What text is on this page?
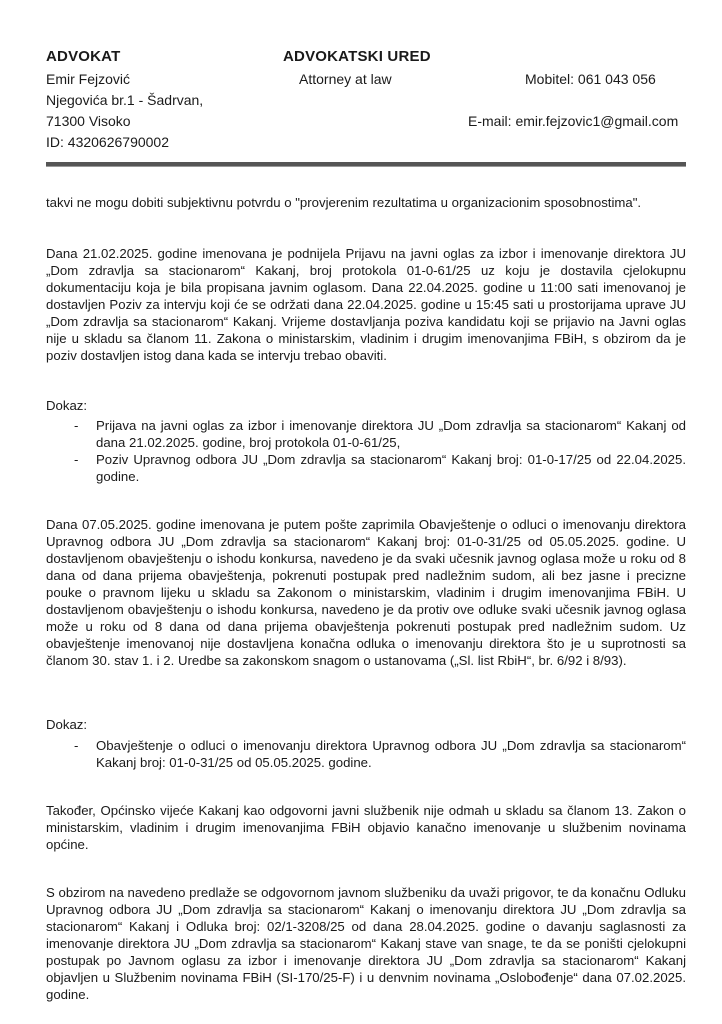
ADVOKAT
Emir Fejzović
Njegovića br.1 - Šadrvan,
71300 Visoko
ID: 4320626790002
ADVOKATSKI URED
Attorney at law	Mobitel: 061 043 056
E-mail: emir.fejzovic1@gmail.com
takvi ne mogu dobiti subjektivnu potvrdu o "provjerenim rezultatima u organizacionim sposobnostima".
Dana 21.02.2025. godine imenovana je podnijela Prijavu na javni oglas za izbor i imenovanje direktora JU „Dom zdravlja sa stacionarom“ Kakanj, broj protokola 01-0-61/25 uz koju je dostavila cjelokupnu dokumentaciju koja je bila propisana javnim oglasom. Dana 22.04.2025. godine u 11:00 sati imenovanoj je dostavljen Poziv za intervju koji će se održati dana 22.04.2025. godine u 15:45 sati u prostorijama uprave JU „Dom zdravlja sa stacionarom“ Kakanj. Vrijeme dostavljanja poziva kandidatu koji se prijavio na Javni oglas nije u skladu sa članom 11. Zakona o ministarskim, vladinim i drugim imenovanjima FBiH, s obzirom da je poziv dostavljen istog dana kada se intervju trebao obaviti.
Dokaz:
- Prijava na javni oglas za izbor i imenovanje direktora JU „Dom zdravlja sa stacionarom“ Kakanj od dana 21.02.2025. godine, broj protokola 01-0-61/25,
- Poziv Upravnog odbora JU „Dom zdravlja sa stacionarom“ Kakanj broj: 01-0-17/25 od 22.04.2025. godine.
Dana 07.05.2025. godine imenovana je putem pošte zaprimila Obavještenje o odluci o imenovanju direktora Upravnog odbora JU „Dom zdravlja sa stacionarom“ Kakanj broj: 01-0-31/25 od 05.05.2025. godine. U dostavljenom obavještenju o ishodu konkursa, navedeno je da svaki učesnik javnog oglasa može u roku od 8 dana od dana prijema obavještenja, pokrenuti postupak pred nadležnim sudom, ali bez jasne i precizne pouke o pravnom lijeku u skladu sa Zakonom o ministarskim, vladinim i drugim imenovanjima FBiH. U dostavljenom obavještenju o ishodu konkursa, navedeno je da protiv ove odluke svaki učesnik javnog oglasa može u roku od 8 dana od dana prijema obavještenja pokrenuti postupak pred nadležnim sudom. Uz obavještenje imenovanoj nije dostavljena konačna odluka o imenovanju direktora što je u suprotnosti sa članom 30. stav 1. i 2. Uredbe sa zakonskom snagom o ustanovama („Sl. list RbiH“, br. 6/92 i 8/93).
Dokaz:
- Obavještenje o odluci o imenovanju direktora Upravnog odbora JU „Dom zdravlja sa stacionarom“ Kakanj broj: 01-0-31/25 od 05.05.2025. godine.
Također, Općinsko vijeće Kakanj kao odgovorni javni službenik nije odmah u skladu sa članom 13. Zakon o ministarskim, vladinim i drugim imenovanjima FBiH objavio kanačno imenovanje u službenim novinama općine.
S obzirom na navedeno predlaže se odgovornom javnom službeniku da uvaži prigovor, te da konačnu Odluku Upravnog odbora JU „Dom zdravlja sa stacionarom“ Kakanj o imenovanju direktora JU „Dom zdravlja sa stacionarom“ Kakanj i Odluka broj: 02/1-3208/25 od dana 28.04.2025. godine o davanju saglasnosti za imenovanje direktora JU „Dom zdravlja sa stacionarom“ Kakanj stave van snage, te da se poništi cjelokupni postupak po Javnom oglasu za izbor i imenovanje direktora JU „Dom zdravlja sa stacionarom“ Kakanj objavljen u Službenim novinama FBiH (SI-170/25-F) i u denvnim novinama „Oslobođenje“ dana 07.02.2025. godine.
